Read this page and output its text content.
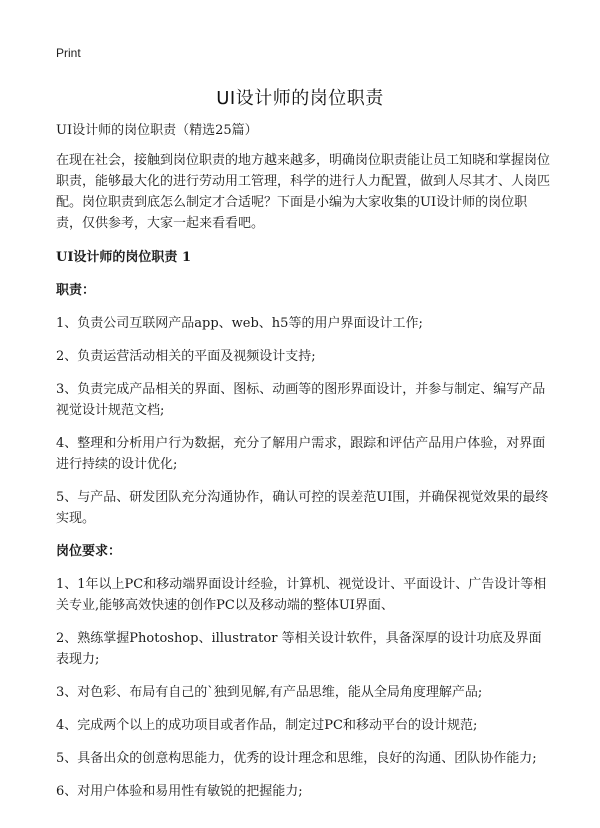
Print
UI设计师的岗位职责

UI设计师的岗位职责（精选25篇）

在现在社会，接触到岗位职责的地方越来越多，明确岗位职责能让员工知晓和掌握岗位职责，能够最大化的进行劳动用工管理，科学的进行人力配置，做到人尽其才、人岗匹配。岗位职责到底怎么制定才合适呢？下面是小编为大家收集的UI设计师的岗位职责，仅供参考，大家一起来看看吧。

UI设计师的岗位职责 1

职责：

1、负责公司互联网产品app、web、h5等的用户界面设计工作;

2、负责运营活动相关的平面及视频设计支持;

3、负责完成产品相关的界面、图标、动画等的图形界面设计，并参与制定、编写产品视觉设计规范文档;

4、整理和分析用户行为数据，充分了解用户需求，跟踪和评估产品用户体验，对界面进行持续的设计优化;

5、与产品、研发团队充分沟通协作，确认可控的误差范UI围，并确保视觉效果的最终实现。

岗位要求：

1、1年以上PC和移动端界面设计经验，计算机、视觉设计、平面设计、广告设计等相关专业,能够高效快速的创作PC以及移动端的整体UI界面、

2、熟练掌握Photoshop、illustrator 等相关设计软件，具备深厚的设计功底及界面表现力;

3、对色彩、布局有自己的`独到见解,有产品思维，能从全局角度理解产品;

4、完成两个以上的成功项目或者作品，制定过PC和移动平台的设计规范;

5、具备出众的创意构思能力，优秀的设计理念和思维，良好的沟通、团队协作能力;

6、对用户体验和易用性有敏锐的把握能力;
